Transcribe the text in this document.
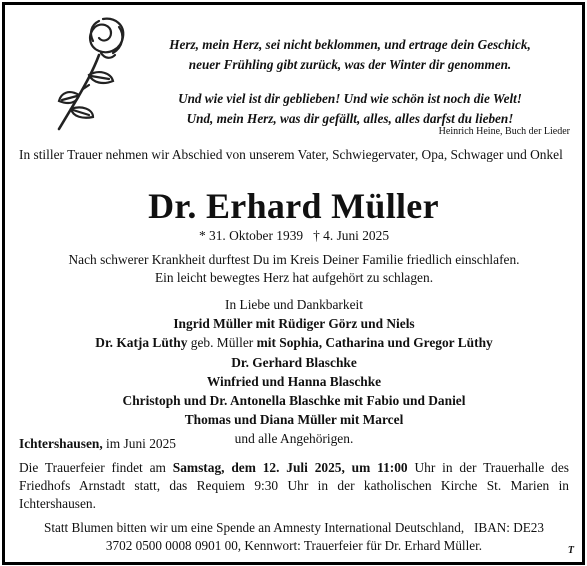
Herz, mein Herz, sei nicht beklommen, und ertrage dein Geschick,
neuer Frühling gibt zurück, was der Winter dir genommen.
Und wie viel ist dir geblieben! Und wie schön ist noch die Welt!
Und, mein Herz, was dir gefällt, alles, alles darfst du lieben!
Heinrich Heine, Buch der Lieder
In stiller Trauer nehmen wir Abschied von unserem Vater, Schwiegervater, Opa, Schwager und Onkel
Dr. Erhard Müller
* 31. Oktober 1939   † 4. Juni 2025
Nach schwerer Krankheit durftest Du im Kreis Deiner Familie friedlich einschlafen.
Ein leicht bewegtes Herz hat aufgehört zu schlagen.
In Liebe und Dankbarkeit
Ingrid Müller mit Rüdiger Görz und Niels
Dr. Katja Lüthy geb. Müller mit Sophia, Catharina und Gregor Lüthy
Dr. Gerhard Blaschke
Winfried und Hanna Blaschke
Christoph und Dr. Antonella Blaschke mit Fabio und Daniel
Thomas und Diana Müller mit Marcel
und alle Angehörigen.
Ichtershausen, im Juni 2025
Die Trauerfeier findet am Samstag, dem 12. Juli 2025, um 11:00 Uhr in der Trauerhalle des Friedhofs Arnstadt statt, das Requiem 9:30 Uhr in der katholischen Kirche St. Marien in Ichtershausen.
Statt Blumen bitten wir um eine Spende an Amnesty International Deutschland,   IBAN: DE23
3702 0500 0008 0901 00, Kennwort: Trauerfeier für Dr. Erhard Müller.	T
